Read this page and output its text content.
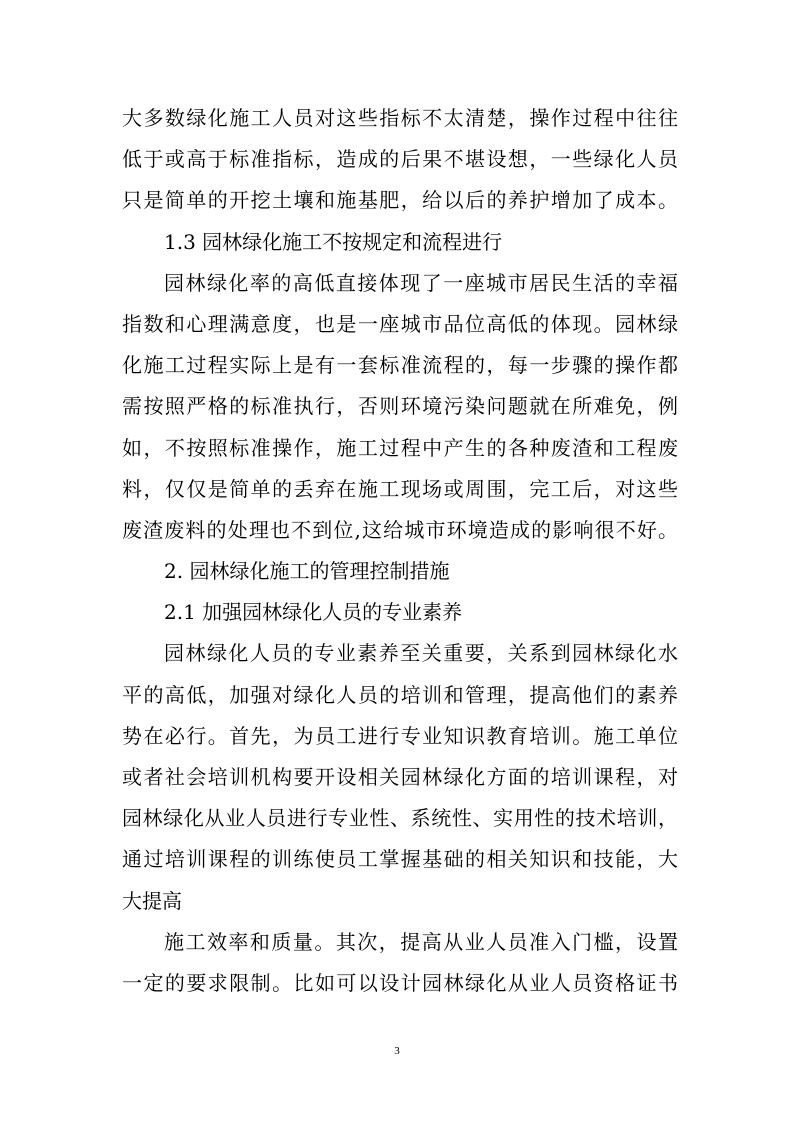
大多数绿化施工人员对这些指标不太清楚，操作过程中往往
低于或高于标准指标，造成的后果不堪设想，一些绿化人员
只是简单的开挖土壤和施基肥，给以后的养护增加了成本。
1.3 园林绿化施工不按规定和流程进行
园林绿化率的高低直接体现了一座城市居民生活的幸福
指数和心理满意度，也是一座城市品位高低的体现。园林绿
化施工过程实际上是有一套标准流程的，每一步骤的操作都
需按照严格的标准执行，否则环境污染问题就在所难免，例
如，不按照标准操作，施工过程中产生的各种废渣和工程废
料，仅仅是简单的丢弃在施工现场或周围，完工后，对这些
废渣废料的处理也不到位,这给城市环境造成的影响很不好。
2. 园林绿化施工的管理控制措施
2.1 加强园林绿化人员的专业素养
园林绿化人员的专业素养至关重要，关系到园林绿化水
平的高低，加强对绿化人员的培训和管理，提高他们的素养
势在必行。首先，为员工进行专业知识教育培训。施工单位
或者社会培训机构要开设相关园林绿化方面的培训课程，对
园林绿化从业人员进行专业性、系统性、实用性的技术培训，
通过培训课程的训练使员工掌握基础的相关知识和技能，大
大提高
施工效率和质量。其次，提高从业人员准入门槛，设置
一定的要求限制。比如可以设计园林绿化从业人员资格证书
3
